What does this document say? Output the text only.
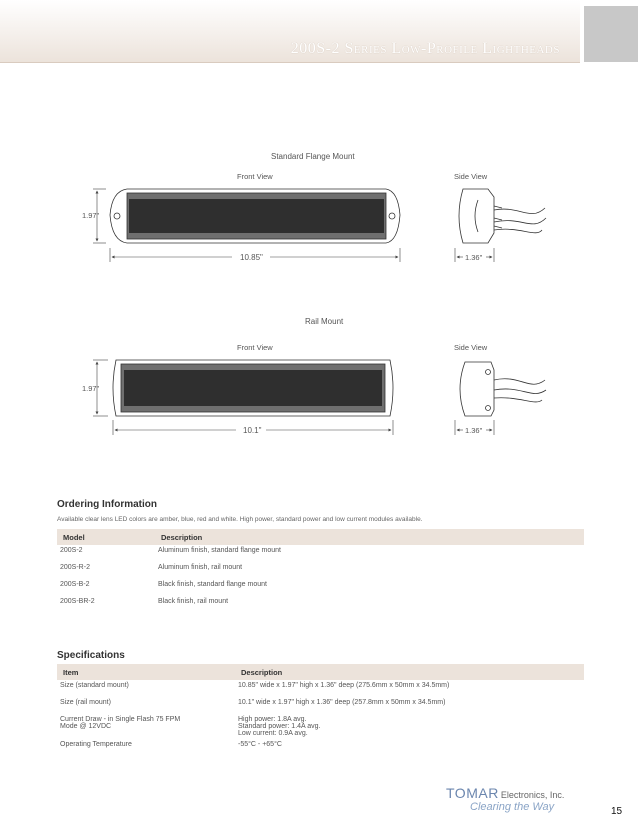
200S-2 Series Low-Profile Lightheads
Standard Flange Mount
Front View	Side View
Rail Mount
Front View	Side View
1.97"
10.85"	1.36"
1.97"
10.1"	1.36"
Ordering Information
Available clear lens LED colors are amber, blue, red and white. High power, standard power and low current modules available.
Model	Description
200S-2	Aluminum finish, standard flange mount
200S-R-2	Aluminum finish, rail mount
200S-B-2	Black finish, standard flange mount
200S-BR-2	Black finish, rail mount
Specifications
Item	Description
Size (standard mount)	10.85" wide x 1.97" high x 1.36" deep (275.6mm x 50mm x 34.5mm)
Size (rail mount)	10.1" wide x 1.97" high x 1.36" deep (257.8mm x 50mm x 34.5mm)
Current Draw - in Single Flash 75 FPM Mode @ 12VDC	High power: 1.8A avg.
Standard power: 1.4A avg.
Low current: 0.9A avg.

Operating Temperature	-55°C - +65°C
TOMAR Electronics, Inc.
Clearing the Way	15
